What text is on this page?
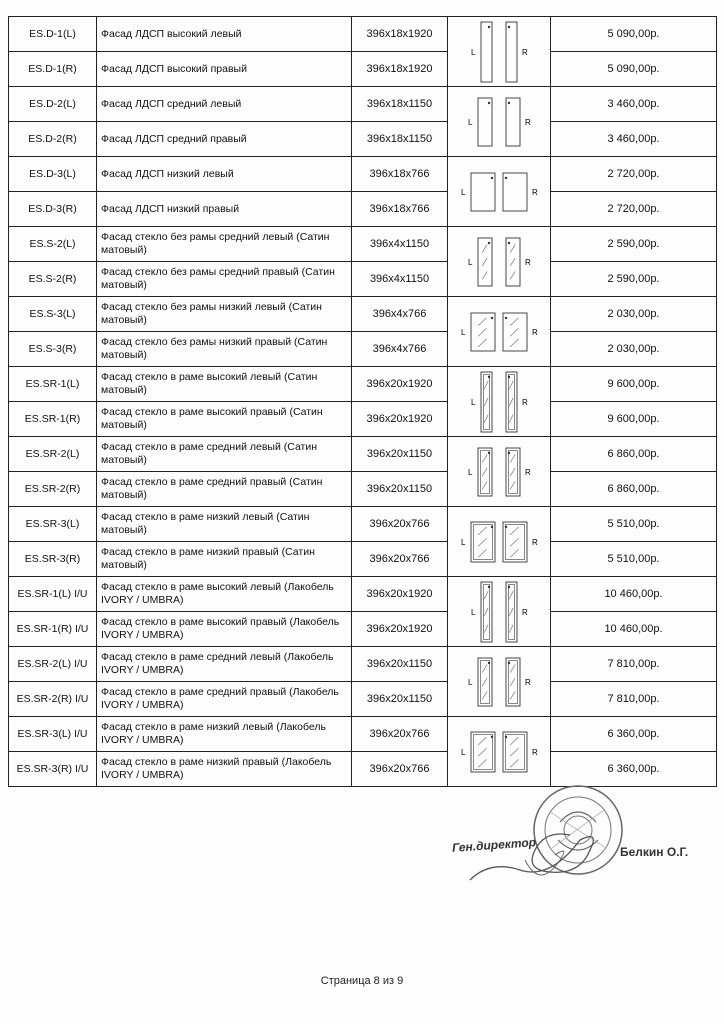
ES.D-1(L)	Фасад ЛДСП высокий левый	396x18x1920	L R	5 090,00р.
ES.D-1(R)	Фасад ЛДСП высокий правый	396x18x1920		5 090,00р.
ES.D-2(L)	Фасад ЛДСП средний левый	396x18x1150	L R	3 460,00р.
ES.D-2(R)	Фасад ЛДСП средний правый	396x18x1150		3 460,00р.
ES.D-3(L)	Фасад ЛДСП низкий левый	396x18x766	L R	2 720,00р.
ES.D-3(R)	Фасад ЛДСП низкий правый	396x18x766		2 720,00р.
ES.S-2(L)	Фасад стекло без рамы средний левый (Сатин матовый)	396x4x1150	L R	2 590,00р.
ES.S-2(R)	Фасад стекло без рамы средний правый (Сатин матовый)	396x4x1150		2 590,00р.
ES.S-3(L)	Фасад стекло без рамы низкий левый (Сатин матовый)	396x4x766	L R	2 030,00р.
ES.S-3(R)	Фасад стекло без рамы низкий правый (Сатин матовый)	396x4x766		2 030,00р.
ES.SR-1(L)	Фасад стекло в раме высокий левый (Сатин матовый)	396x20x1920	L R	9 600,00р.
ES.SR-1(R)	Фасад стекло в раме высокий правый (Сатин матовый)	396x20x1920		9 600,00р.
ES.SR-2(L)	Фасад стекло в раме средний левый (Сатин матовый)	396x20x1150	L R	6 860,00р.
ES.SR-2(R)	Фасад стекло в раме средний правый (Сатин матовый)	396x20x1150		6 860,00р.
ES.SR-3(L)	Фасад стекло в раме низкий левый (Сатин матовый)	396x20x766	L R	5 510,00р.
ES.SR-3(R)	Фасад стекло в раме низкий правый (Сатин матовый)	396x20x766		5 510,00р.
ES.SR-1(L) I/U	Фасад стекло в раме высокий левый (Лакобель IVORY / UMBRA)	396x20x1920	L R	10 460,00р.
ES.SR-1(R) I/U	Фасад стекло в раме высокий правый (Лакобель IVORY / UMBRA)	396x20x1920		10 460,00р.
ES.SR-2(L) I/U	Фасад стекло в раме средний левый (Лакобель IVORY / UMBRA)	396x20x1150	L R	7 810,00р.
ES.SR-2(R) I/U	Фасад стекло в раме средний правый (Лакобель IVORY / UMBRA)	396x20x1150		7 810,00р.
ES.SR-3(L) I/U	Фасад стекло в раме низкий левый (Лакобель IVORY / UMBRA)	396x20x766	L R	6 360,00р.
ES.SR-3(R) I/U	Фасад стекло в раме низкий правый (Лакобель IVORY / UMBRA)	396x20x766		6 360,00р.
Ген.директор	Белкин О.Г.
Страница 8 из 9
